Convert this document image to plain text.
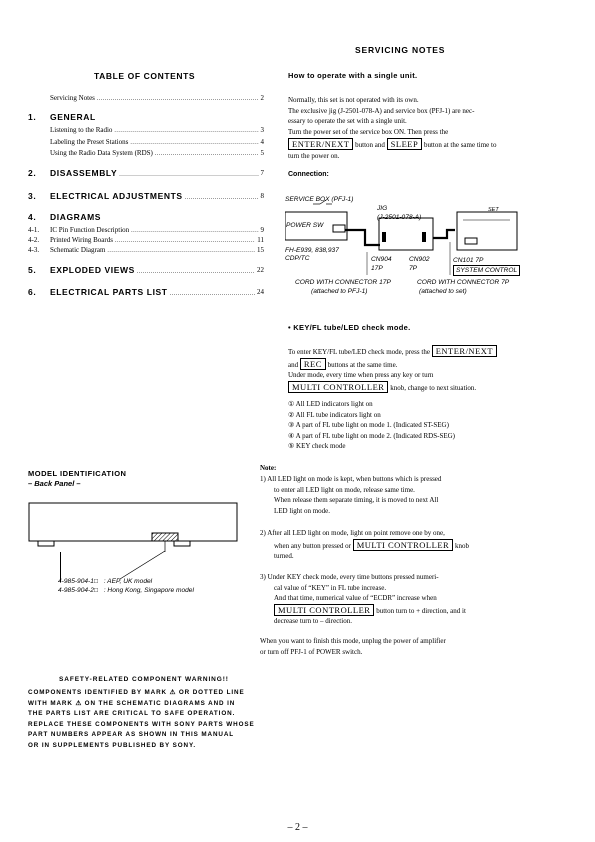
TABLE OF CONTENTS
Servicing Notes .....	2
1.	GENERAL
Listening to the Radio .....	3
Labeling the Preset Stations .....	4
Using the Radio Data System (RDS) .....	5
2.	DISASSEMBLY .....	7
3.	ELECTRICAL ADJUSTMENTS .....	8
4.	DIAGRAMS
4-1.	IC Pin Function Description .....	9
4-2.	Printed Wiring Boards .....	11
4-3.	Schematic Diagram .....	15
5.	EXPLODED VIEWS .....	22
6.	ELECTRICAL PARTS LIST .....	24
MODEL IDENTIFICATION
– Back Panel –
4-985-904-1□ : AEP, UK model
4-985-904-2□ : Hong Kong, Singapore model
SAFETY-RELATED COMPONENT WARNING!!
COMPONENTS IDENTIFIED BY MARK ⚠ OR DOTTED LINE
WITH MARK ⚠ ON THE SCHEMATIC DIAGRAMS AND IN
THE PARTS LIST ARE CRITICAL TO SAFE OPERATION.
REPLACE THESE COMPONENTS WITH SONY PARTS WHOSE
PART NUMBERS APPEAR AS SHOWN IN THIS MANUAL
OR IN SUPPLEMENTS PUBLISHED BY SONY.
SERVICING NOTES
How to operate with a single unit.
Normally, this set is not operated with its own.
The exclusive jig (J-2501-078-A) and service box (PFJ-1) are nec-
essary to operate the set with a single unit.
Turn the power set of the service box ON. Then press the
ENTER/NEXT button and SLEEP button at the same time to
turn the power on.
Connection:
SERVICE BOX (PFJ-1)
POWER SW
JIG
(J-2501-078-A)
SET
FH-E939, 838,937
CDP/TC	CN904
17P
CN902
7P
CN101 7P
SYSTEM CONTROL
CORD WITH CONNECTOR 17P
(attached to PFJ-1)
CORD WITH CONNECTOR 7P
(attached to set)
• KEY/FL tube/LED check mode.
To enter KEY/FL tube/LED check mode, press the ENTER/NEXT
and REC buttons at the same time.
Under mode, every time when press any key or turn
MULTI CONTROLLER knob, change to next situation.
① All LED indicators light on
② All FL tube indicators light on
③ A part of FL tube light on mode 1. (Indicated ST-SEG)
④ A part of FL tube light on mode 2. (Indicated RDS-SEG)
⑤ KEY check mode
Note:
1) All LED light on mode is kept, when buttons which is pressed
to enter all LED light on mode, release same time.
When release them separate timing, it is moved to next All
LED light on mode.
2) After all LED light on mode, light on point remove one by one,
when any button pressed or MULTI CONTROLLER knob
turned.
3) Under KEY check mode, every time buttons pressed numeri-
cal value of “KEY” in FL tube increase.
And that time, numerical value of “ECDR” increase when
MULTI CONTROLLER button turn to + direction, and it
decrease turn to – direction.
When you want to finish this mode, unplug the power of amplifier
or turn off PFJ-1 of POWER switch.
– 2 –
